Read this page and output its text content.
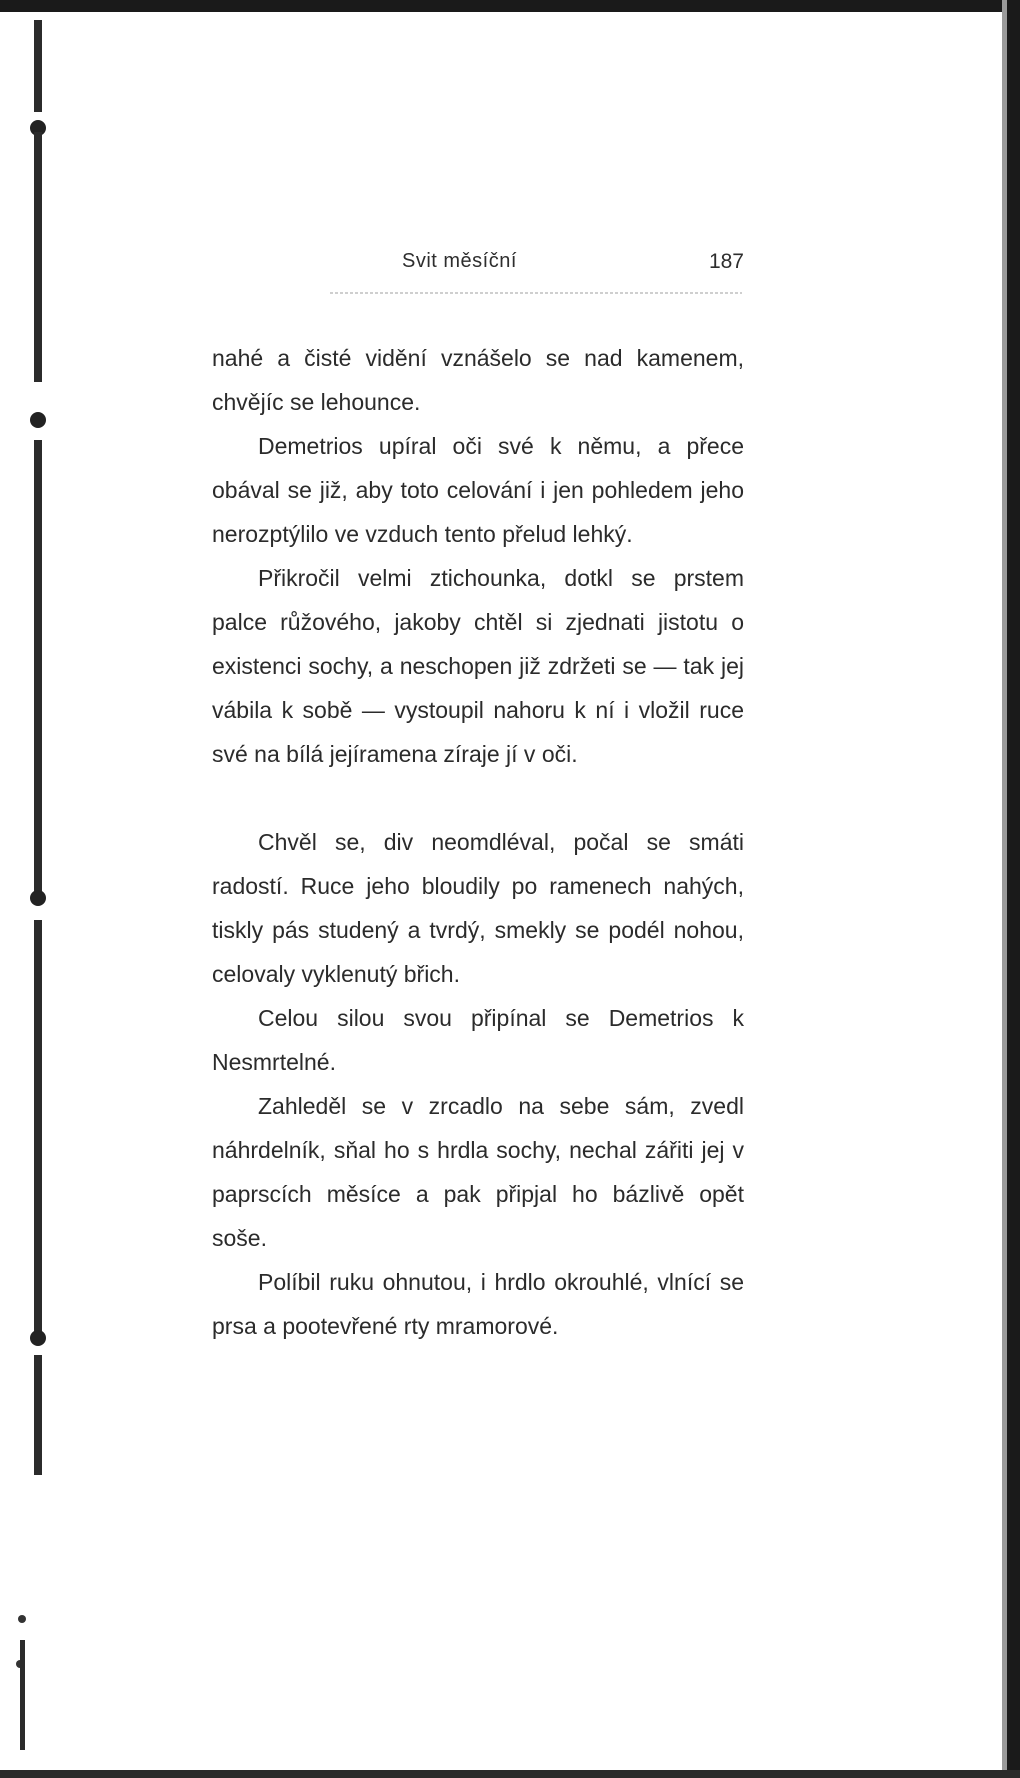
Svit měsíční	187

nahé a čisté vidění vznášelo se nad kamenem, chvějíc se lehounce.

Demetrios upíral oči své k němu, a přece obával se již, aby toto celování i jen pohledem jeho nerozptýlilo ve vzduch tento přelud lehký.

Přikročil velmi ztichounka, dotkl se prstem palce růžového, jakoby chtěl si zjednati jistotu o existenci sochy, a neschopen již zdržeti se — tak jej vábila k sobě — vystoupil nahoru k ní i vložil ruce své na bílá jejíramena zíraje jí v oči.

Chvěl se, div neomdléval, počal se smáti radostí. Ruce jeho bloudily po ramenech nahých, tiskly pás studený a tvrdý, smekly se podél nohou, celovaly vyklenutý břich.

Celou silou svou připínal se Demetrios k Nesmrtelné.

Zahleděl se v zrcadlo na sebe sám, zvedl náhrdelník, sňal ho s hrdla sochy, nechal zářiti jej v paprscích měsíce a pak připjal ho bázlivě opět soše.

Políbil ruku ohnutou, i hrdlo okrouhlé, vlnící se prsa a pootevřené rty mramorové.
